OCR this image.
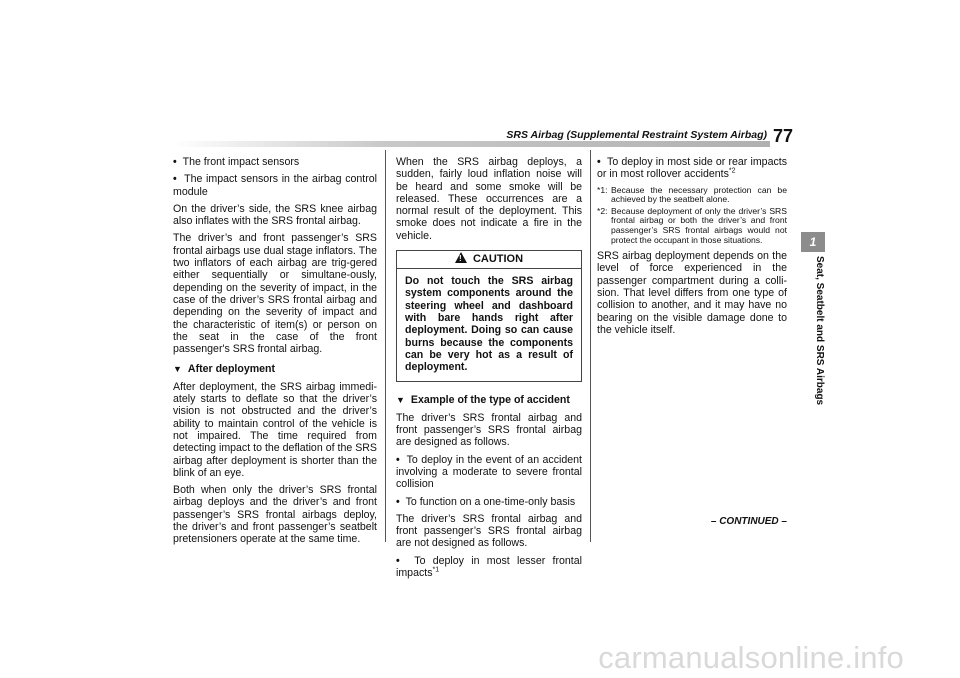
SRS Airbag (Supplemental Restraint System Airbag) 77
1
Seat, Seatbelt and SRS Airbags

•  The front impact sensors

•  The impact sensors in the airbag control module

On the driver’s side, the SRS knee airbag also inflates with the SRS frontal airbag.

The driver’s and front passenger’s SRS frontal airbags use dual stage inflators. The two inflators of each airbag are trig-gered either sequentially or simultane-ously, depending on the severity of impact, in the case of the driver’s SRS frontal airbag and depending on the severity of impact and the characteristic of item(s) or person on the seat in the case of the front passenger's SRS frontal airbag.

▼ After deployment

After deployment, the SRS airbag immedi-ately starts to deflate so that the driver’s vision is not obstructed and the driver’s ability to maintain control of the vehicle is not impaired. The time required from detecting impact to the deflation of the SRS airbag after deployment is shorter than the blink of an eye.

Both when only the driver’s SRS frontal airbag deploys and the driver’s and front passenger’s SRS frontal airbags deploy, the driver’s and front passenger’s seatbelt pretensioners operate at the same time.

When the SRS airbag deploys, a sudden, fairly loud inflation noise will be heard and some smoke will be released. These occurrences are a normal result of the deployment. This smoke does not indicate a fire in the vehicle.

!CAUTION
Do not touch the SRS airbag system components around the steering wheel and dashboard with bare hands right after deployment. Doing so can cause burns because the components can be very hot as a result of deployment.
▼ Example of the type of accident

The driver’s SRS frontal airbag and front passenger’s SRS frontal airbag are designed as follows.

•  To deploy in the event of an accident involving a moderate to severe frontal collision

•  To function on a one-time-only basis

The driver’s SRS frontal airbag and front passenger’s SRS frontal airbag are not designed as follows.

•  To deploy in most lesser frontal impacts$^{*1}$

•  To deploy in most side or rear impacts or in most rollover accidents$^{*2}$

*1: Because the necessary protection can be achieved by the seatbelt alone.
*2: Because deployment of only the driver’s SRS frontal airbag or both the driver’s and front passenger’s SRS frontal airbags would not protect the occupant in those situations.

SRS airbag deployment depends on the level of force experienced in the passenger compartment during a colli-sion. That level differs from one type of collision to another, and it may have no bearing on the visible damage done to the vehicle itself.

– CONTINUED –
carmanualsonline.info
